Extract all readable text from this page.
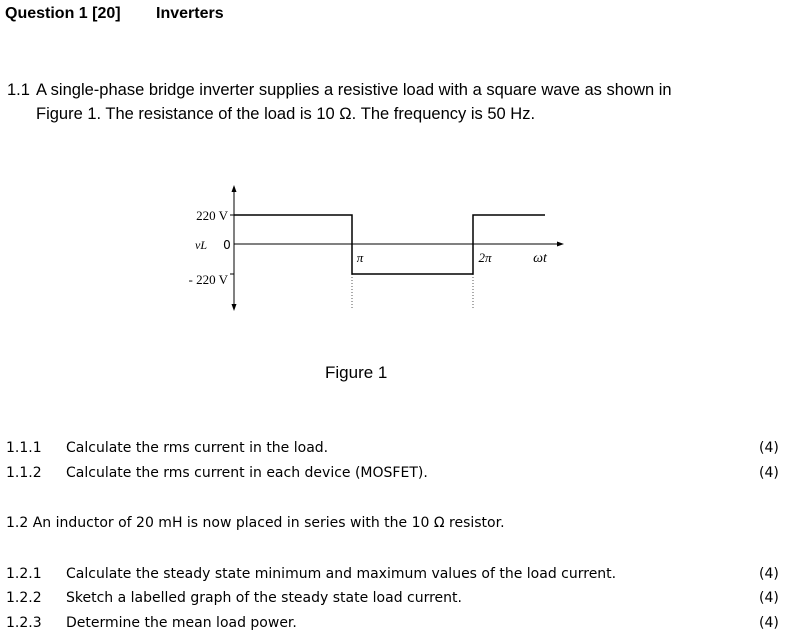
Question 1 [20] Inverters
1.1 A single-phase bridge inverter supplies a resistive load with a square wave as shown in
Figure 1. The resistance of the load is 10 Ω. The frequency is 50 Hz.
220 V
vL 0
- 220 V
π	2π	ωt
Figure 1
1.1.1 Calculate the rms current in the load.	(4)
1.1.2 Calculate the rms current in each device (MOSFET).	(4)
1.2 An inductor of 20 mH is now placed in series with the 10 Ω resistor.
1.2.1 Calculate the steady state minimum and maximum values of the load current.	(4)
1.2.2 Sketch a labelled graph of the steady state load current.	(4)
1.2.3 Determine the mean load power.	(4)
